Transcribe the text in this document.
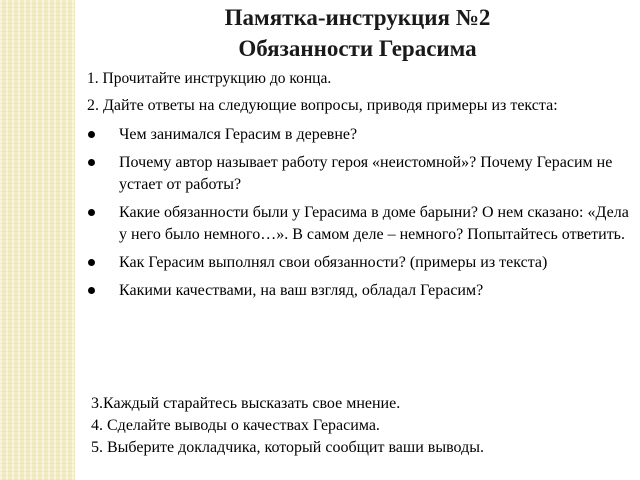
Памятка-инструкция №2
Обязанности Герасима

1. Прочитайте инструкцию до конца.

2. Дайте ответы на следующие вопросы, приводя примеры из текста:

Чем занимался Герасим в деревне?
Почему автор называет работу героя «неистомной»? Почему Герасим не устает от работы?
Какие обязанности были у Герасима в доме барыни? О нем сказано: «Дела у него было немного…». В самом деле – немного? Попытайтесь ответить.
Как Герасим выполнял свои обязанности? (примеры из текста)
Какими качествами, на ваш взгляд, обладал Герасим?
3.Каждый старайтесь высказать свое мнение.
4. Сделайте выводы о качествах Герасима.
5. Выберите докладчика, который сообщит ваши выводы.
